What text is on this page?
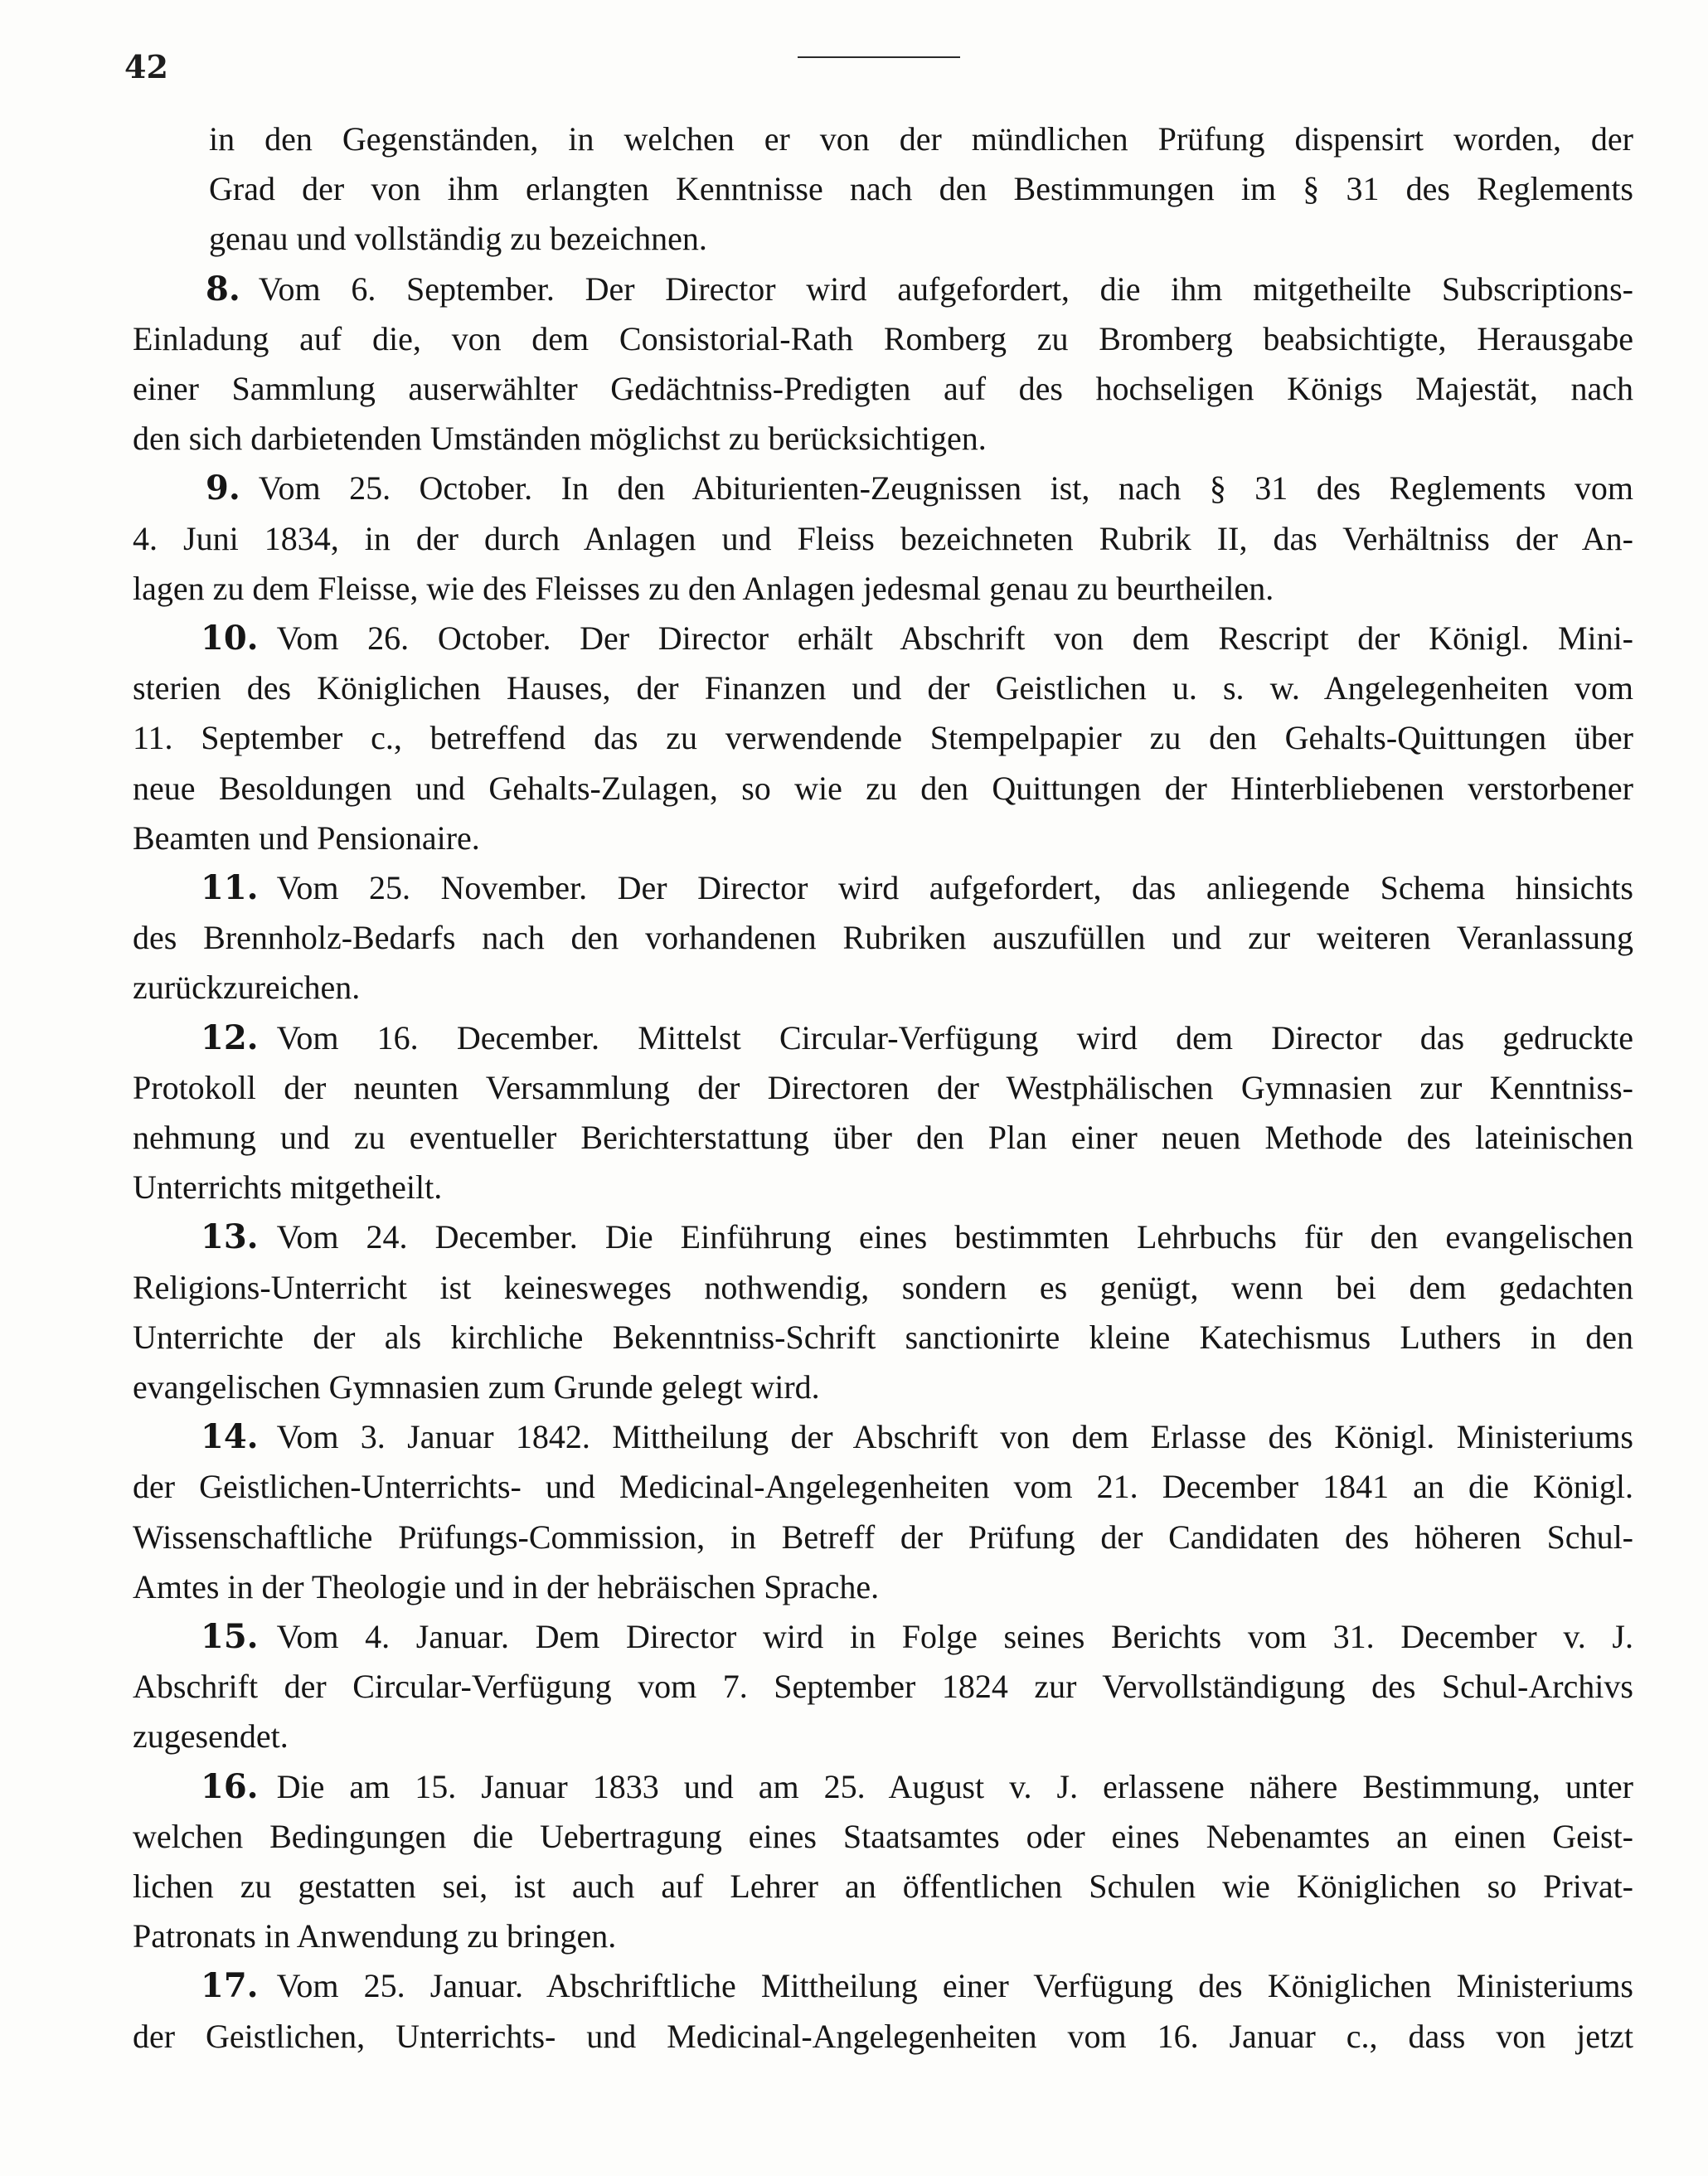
42
in den Gegenständen, in welchen er von der mündlichen Prüfung dispensirt worden, der
Grad der von ihm erlangten Kenntnisse nach den Bestimmungen im § 31 des Reglements
genau und vollständig zu bezeichnen.
8. Vom 6. September. Der Director wird aufgefordert, die ihm mitgetheilte Subscriptions-
Einladung auf die, von dem Consistorial-Rath Romberg zu Bromberg beabsichtigte, Herausgabe
einer Sammlung auserwählter Gedächtniss-Predigten auf des hochseligen Königs Majestät, nach
den sich darbietenden Umständen möglichst zu berücksichtigen.
9. Vom 25. October. In den Abiturienten-Zeugnissen ist, nach § 31 des Reglements vom
4. Juni 1834, in der durch Anlagen und Fleiss bezeichneten Rubrik II, das Verhältniss der An-
lagen zu dem Fleisse, wie des Fleisses zu den Anlagen jedesmal genau zu beurtheilen.
10. Vom 26. October. Der Director erhält Abschrift von dem Rescript der Königl. Mini-
sterien des Königlichen Hauses, der Finanzen und der Geistlichen u. s. w. Angelegenheiten vom
11. September c., betreffend das zu verwendende Stempelpapier zu den Gehalts-Quittungen über
neue Besoldungen und Gehalts-Zulagen, so wie zu den Quittungen der Hinterbliebenen verstorbener
Beamten und Pensionaire.
11. Vom 25. November. Der Director wird aufgefordert, das anliegende Schema hinsichts
des Brennholz-Bedarfs nach den vorhandenen Rubriken auszufüllen und zur weiteren Veranlassung
zurückzureichen.
12. Vom 16. December. Mittelst Circular-Verfügung wird dem Director das gedruckte
Protokoll der neunten Versammlung der Directoren der Westphälischen Gymnasien zur Kenntniss-
nehmung und zu eventueller Berichterstattung über den Plan einer neuen Methode des lateinischen
Unterrichts mitgetheilt.
13. Vom 24. December. Die Einführung eines bestimmten Lehrbuchs für den evangelischen
Religions-Unterricht ist keinesweges nothwendig, sondern es genügt, wenn bei dem gedachten
Unterrichte der als kirchliche Bekenntniss-Schrift sanctionirte kleine Katechismus Luthers in den
evangelischen Gymnasien zum Grunde gelegt wird.
14. Vom 3. Januar 1842. Mittheilung der Abschrift von dem Erlasse des Königl. Ministeriums
der Geistlichen-Unterrichts- und Medicinal-Angelegenheiten vom 21. December 1841 an die Königl.
Wissenschaftliche Prüfungs-Commission, in Betreff der Prüfung der Candidaten des höheren Schul-
Amtes in der Theologie und in der hebräischen Sprache.
15. Vom 4. Januar. Dem Director wird in Folge seines Berichts vom 31. December v. J.
Abschrift der Circular-Verfügung vom 7. September 1824 zur Vervollständigung des Schul-Archivs
zugesendet.
16. Die am 15. Januar 1833 und am 25. August v. J. erlassene nähere Bestimmung, unter
welchen Bedingungen die Uebertragung eines Staatsamtes oder eines Nebenamtes an einen Geist-
lichen zu gestatten sei, ist auch auf Lehrer an öffentlichen Schulen wie Königlichen so Privat-
Patronats in Anwendung zu bringen.
17. Vom 25. Januar. Abschriftliche Mittheilung einer Verfügung des Königlichen Ministeriums
der Geistlichen, Unterrichts- und Medicinal-Angelegenheiten vom 16. Januar c., dass von jetzt
